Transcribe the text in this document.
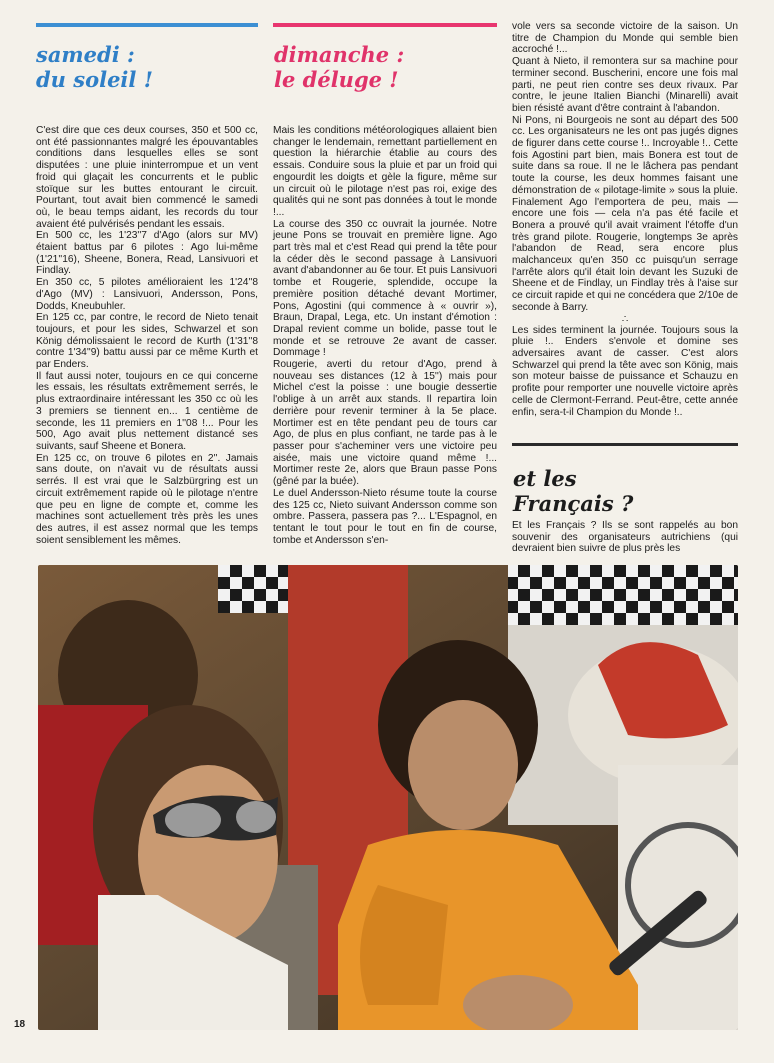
samedi :
du soleil !
dimanche :
le déluge !

C'est dire que ces deux courses, 350 et 500 cc, ont été passionnantes malgré les épouvantables conditions dans lesquelles elles se sont disputées : une pluie ininterrompue et un vent froid qui glaçait les concurrents et le public stoïque sur les buttes entourant le circuit. Pourtant, tout avait bien commencé le samedi où, le beau temps aidant, les records du tour avaient été pulvérisés pendant les essais.

En 500 cc, les 1'23''7 d'Ago (alors sur MV) étaient battus par 6 pilotes : Ago lui-même (1'21''16), Sheene, Bonera, Read, Lansivuori et Findlay.

En 350 cc, 5 pilotes amélioraient les 1'24''8 d'Ago (MV) : Lansivuori, Andersson, Pons, Dodds, Kneubuhler.

En 125 cc, par contre, le record de Nieto tenait toujours, et pour les sides, Schwarzel et son König démolissaient le record de Kurth (1'31''8 contre 1'34''9) battu aussi par ce même Kurth et par Enders.

Il faut aussi noter, toujours en ce qui concerne les essais, les résultats extrêmement serrés, le plus extraordinaire intéressant les 350 cc où les 3 premiers se tiennent en... 1 centième de seconde, les 11 premiers en 1''08 !... Pour les 500, Ago avait plus nettement distancé ses suivants, sauf Sheene et Bonera.

En 125 cc, on trouve 6 pilotes en 2''. Jamais sans doute, on n'avait vu de résultats aussi serrés. Il est vrai que le Salzbürgring est un circuit extrêmement rapide où le pilotage n'entre que peu en ligne de compte et, comme les machines sont actuellement très près les unes des autres, il est assez normal que les temps soient sensiblement les mêmes.

Mais les conditions météorologiques allaient bien changer le lendemain, remettant partiellement en question la hiérarchie établie au cours des essais. Conduire sous la pluie et par un froid qui engourdit les doigts et gèle la figure, même sur un circuit où le pilotage n'est pas roi, exige des qualités qui ne sont pas données à tout le monde !...

La course des 350 cc ouvrait la journée. Notre jeune Pons se trouvait en première ligne. Ago part très mal et c'est Read qui prend la tête pour la céder dès le second passage à Lansivuori avant d'abandonner au 6e tour. Et puis Lansivuori tombe et Rougerie, splendide, occupe la première position détaché devant Mortimer, Pons, Agostini (qui commence à « ouvrir »), Braun, Drapal, Lega, etc. Un instant d'émotion : Drapal revient comme un bolide, passe tout le monde et se retrouve 2e avant de casser. Dommage !

Rougerie, averti du retour d'Ago, prend à nouveau ses distances (12 à 15'') mais pour Michel c'est la poisse : une bougie dessertie l'oblige à un arrêt aux stands. Il repartira loin derrière pour revenir terminer à la 5e place. Mortimer est en tête pendant peu de tours car Ago, de plus en plus confiant, ne tarde pas à le passer pour s'acheminer vers une victoire peu aisée, mais une victoire quand même !... Mortimer reste 2e, alors que Braun passe Pons (gêné par la buée).

Le duel Andersson-Nieto résume toute la course des 125 cc, Nieto suivant Andersson comme son ombre. Passera, passera pas ?... L'Espagnol, en tentant le tout pour le tout en fin de course, tombe et Andersson s'en-

vole vers sa seconde victoire de la saison. Un titre de Champion du Monde qui semble bien accroché !...

Quant à Nieto, il remontera sur sa machine pour terminer second. Buscherini, encore une fois mal parti, ne peut rien contre ses deux rivaux. Par contre, le jeune Italien Bianchi (Minarelli) avait bien résisté avant d'être contraint à l'abandon.

Ni Pons, ni Bourgeois ne sont au départ des 500 cc. Les organisateurs ne les ont pas jugés dignes de figurer dans cette course !.. Incroyable !.. Cette fois Agostini part bien, mais Bonera est tout de suite dans sa roue. Il ne le lâchera pas pendant toute la course, les deux hommes faisant une démonstration de « pilotage-limite » sous la pluie. Finalement Ago l'emportera de peu, mais — encore une fois — cela n'a pas été facile et Bonera a prouvé qu'il avait vraiment l'étoffe d'un très grand pilote. Rougerie, longtemps 3e après l'abandon de Read, sera encore plus malchanceux qu'en 350 cc puisqu'un serrage l'arrête alors qu'il était loin devant les Suzuki de Sheene et de Findlay, un Findlay très à l'aise sur ce circuit rapide et qui ne concédera que 2/10e de seconde à Barry.

∴

Les sides terminent la journée. Toujours sous la pluie !.. Enders s'envole et domine ses adversaires avant de casser. C'est alors Schwarzel qui prend la tête avec son König, mais son moteur baisse de puissance et Schauzu en profite pour remporter une nouvelle victoire après celle de Clermont-Ferrand. Peut-être, cette année enfin, sera-t-il Champion du Monde !..

et les
Français ?

Et les Français ? Ils se sont rappelés au bon souvenir des organisateurs autrichiens (qui devraient bien suivre de plus près les

18
